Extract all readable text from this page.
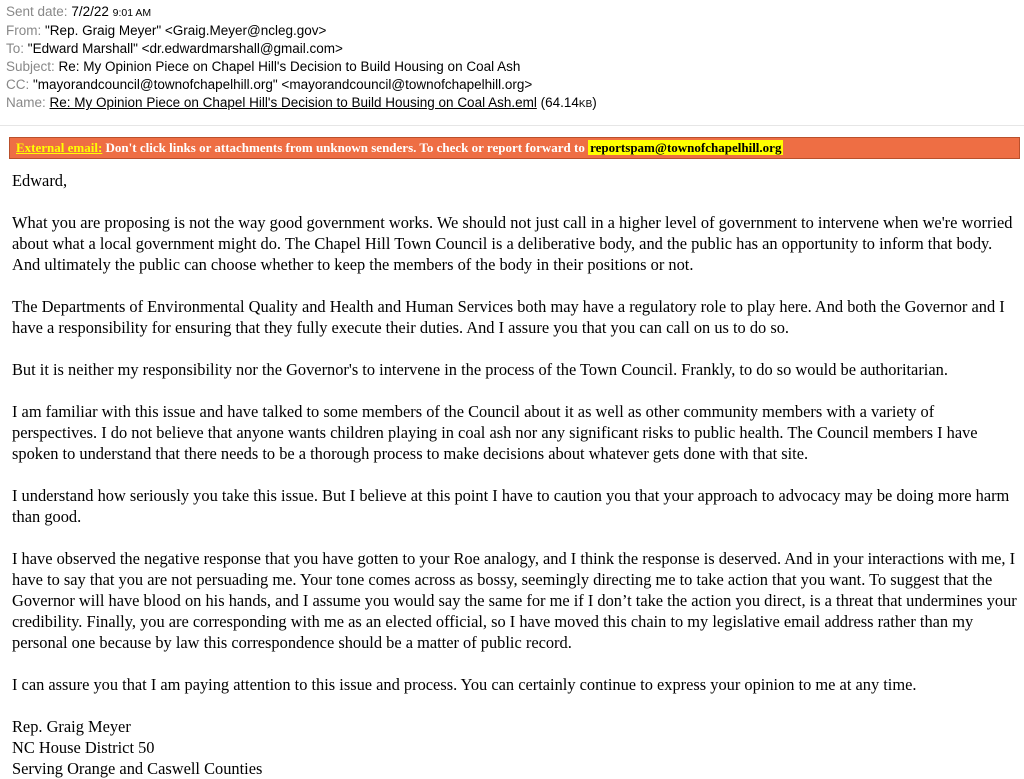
Sent date: 7/2/22 9:01 AM
From: "Rep. Graig Meyer" <Graig.Meyer@ncleg.gov>
To: "Edward Marshall" <dr.edwardmarshall@gmail.com>
Subject: Re: My Opinion Piece on Chapel Hill's Decision to Build Housing on Coal Ash
CC: "mayorandcouncil@townofchapelhill.org" <mayorandcouncil@townofchapelhill.org>
Name: Re: My Opinion Piece on Chapel Hill's Decision to Build Housing on Coal Ash.eml (64.14KB)
External email: Don't click links or attachments from unknown senders. To check or report forward to reportspam@townofchapelhill.org

Edward,

What you are proposing is not the way good government works. We should not just call in a higher level of government to intervene when we're worried about what a local government might do. The Chapel Hill Town Council is a deliberative body, and the public has an opportunity to inform that body. And ultimately the public can choose whether to keep the members of the body in their positions or not.

The Departments of Environmental Quality and Health and Human Services both may have a regulatory role to play here. And both the Governor and I have a responsibility for ensuring that they fully execute their duties. And I assure you that you can call on us to do so.

But it is neither my responsibility nor the Governor's to intervene in the process of the Town Council. Frankly, to do so would be authoritarian.

I am familiar with this issue and have talked to some members of the Council about it as well as other community members with a variety of perspectives. I do not believe that anyone wants children playing in coal ash nor any significant risks to public health. The Council members I have spoken to understand that there needs to be a thorough process to make decisions about whatever gets done with that site.

I understand how seriously you take this issue. But I believe at this point I have to caution you that your approach to advocacy may be doing more harm than good.

I have observed the negative response that you have gotten to your Roe analogy, and I think the response is deserved. And in your interactions with me, I have to say that you are not persuading me. Your tone comes across as bossy, seemingly directing me to take action that you want. To suggest that the Governor will have blood on his hands, and I assume you would say the same for me if I don’t take the action you direct, is a threat that undermines your credibility. Finally, you are corresponding with me as an elected official, so I have moved this chain to my legislative email address rather than my personal one because by law this correspondence should be a matter of public record.

I can assure you that I am paying attention to this issue and process. You can certainly continue to express your opinion to me at any time.

Rep. Graig Meyer

NC House District 50

Serving Orange and Caswell Counties
